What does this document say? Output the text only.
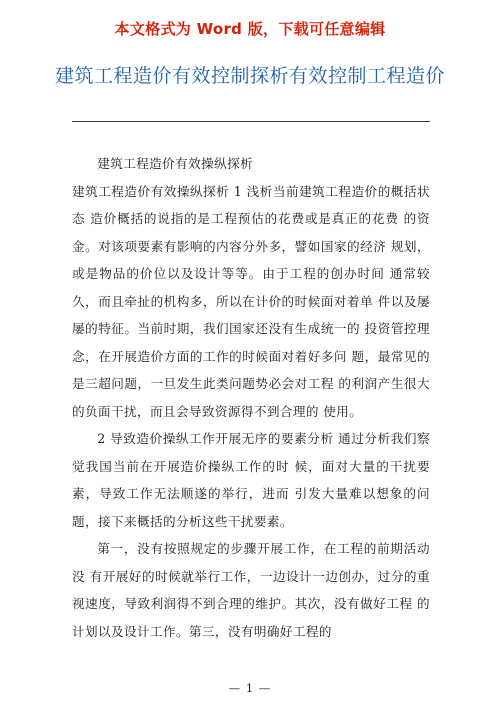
本文格式为 Word 版，下载可任意编辑
建筑工程造价有效控制探析有效控制工程造价

建筑工程造价有效操纵探析

建筑工程造价有效操纵探析 1 浅析当前建筑工程造价的概括状态 造价概括的说指的是工程预估的花费或是真正的花费 的资金。对该项要素有影响的内容分外多，譬如国家的经济 规划，或是物品的价位以及设计等等。由于工程的创办时间 通常较久，而且牵扯的机构多，所以在计价的时候面对着单 件以及屡屡的特征。当前时期，我们国家还没有生成统一的 投资管控理念，在开展造价方面的工作的时候面对着好多问 题，最常见的是三超问题，一旦发生此类问题势必会对工程 的利润产生很大的负面干扰，而且会导致资源得不到合理的 使用。

2 导致造价操纵工作开展无序的要素分析 通过分析我们察觉我国当前在开展造价操纵工作的时 候，面对大量的干扰要素，导致工作无法顺遂的举行，进而 引发大量难以想象的问题，接下来概括的分析这些干扰要素。

第一，没有按照规定的步骤开展工作，在工程的前期活动没 有开展好的时候就举行工作，一边设计一边创办，过分的重 视速度，导致利润得不到合理的维护。其次，没有做好工程 的计划以及设计工作。第三，没有明确好工程的

— 1 —
